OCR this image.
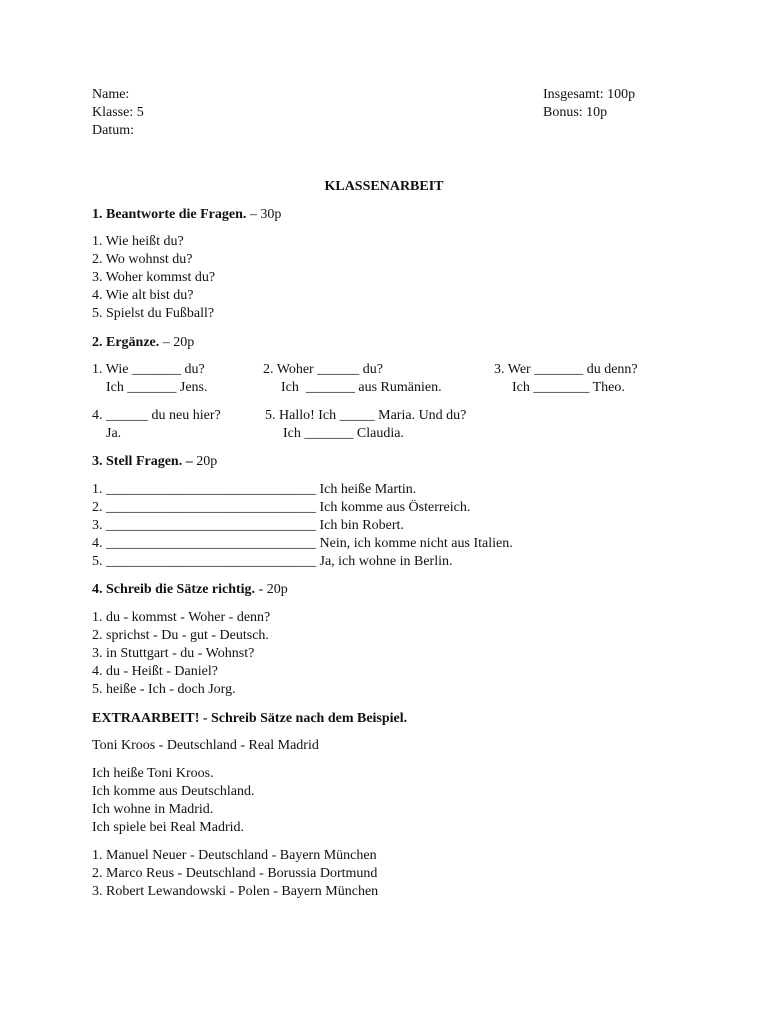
Name:
Klasse: 5
Datum:
Insgesamt: 100p
Bonus: 10p
KLASSENARBEIT
1. Beantworte die Fragen. – 30p
1. Wie heißt du?
2. Wo wohnst du?
3. Woher kommst du?
4. Wie alt bist du?
5. Spielst du Fußball?
2. Ergänze. – 20p
1. Wie _______ du?
Ich _______ Jens.
2. Woher ______ du?
Ich  _______ aus Rumänien.
3. Wer _______ du denn?
Ich ________ Theo.
4. ______ du neu hier?
Ja.
5. Hallo! Ich _____ Maria. Und du?
Ich _______ Claudia.
3. Stell Fragen. – 20p
1. ______________________________ Ich heiße Martin.
2. ______________________________ Ich komme aus Österreich.
3. ______________________________ Ich bin Robert.
4. ______________________________ Nein, ich komme nicht aus Italien.
5. ______________________________ Ja, ich wohne in Berlin.
4. Schreib die Sätze richtig. - 20p
1. du - kommst - Woher - denn?
2. sprichst - Du - gut - Deutsch.
3. in Stuttgart - du - Wohnst?
4. du - Heißt - Daniel?
5. heiße - Ich - doch Jorg.
EXTRAARBEIT! - Schreib Sätze nach dem Beispiel.
Toni Kroos - Deutschland - Real Madrid
Ich heiße Toni Kroos.
Ich komme aus Deutschland.
Ich wohne in Madrid.
Ich spiele bei Real Madrid.
1. Manuel Neuer - Deutschland - Bayern München
2. Marco Reus - Deutschland - Borussia Dortmund
3. Robert Lewandowski - Polen - Bayern München
